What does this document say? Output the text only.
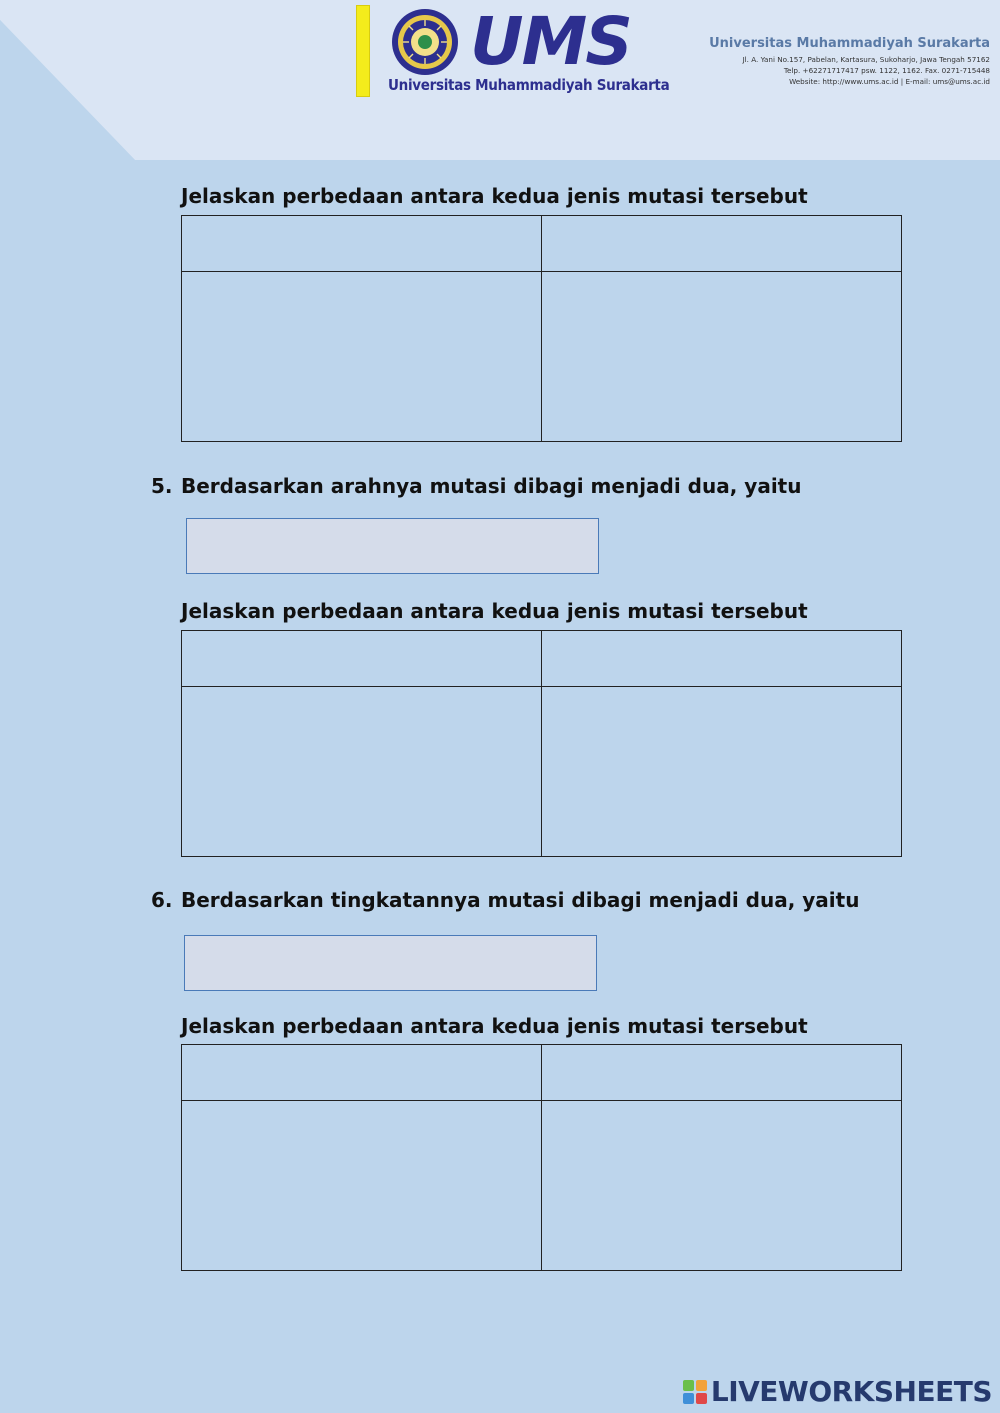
UMS
Universitas Muhammadiyah Surakarta
Universitas Muhammadiyah Surakarta
Jl. A. Yani No.157, Pabelan, Kartasura, Sukoharjo, Jawa Tengah 57162
Telp. +62271717417 psw. 1122, 1162. Fax. 0271-715448
Website: http://www.ums.ac.id | E-mail: ums@ums.ac.id
Jelaskan perbedaan antara kedua jenis mutasi tersebut
5. Berdasarkan arahnya mutasi dibagi menjadi dua, yaitu
Jelaskan perbedaan antara kedua jenis mutasi tersebut
6. Berdasarkan tingkatannya mutasi dibagi menjadi dua, yaitu
Jelaskan perbedaan antara kedua jenis mutasi tersebut
LIVEWORKSHEETS
